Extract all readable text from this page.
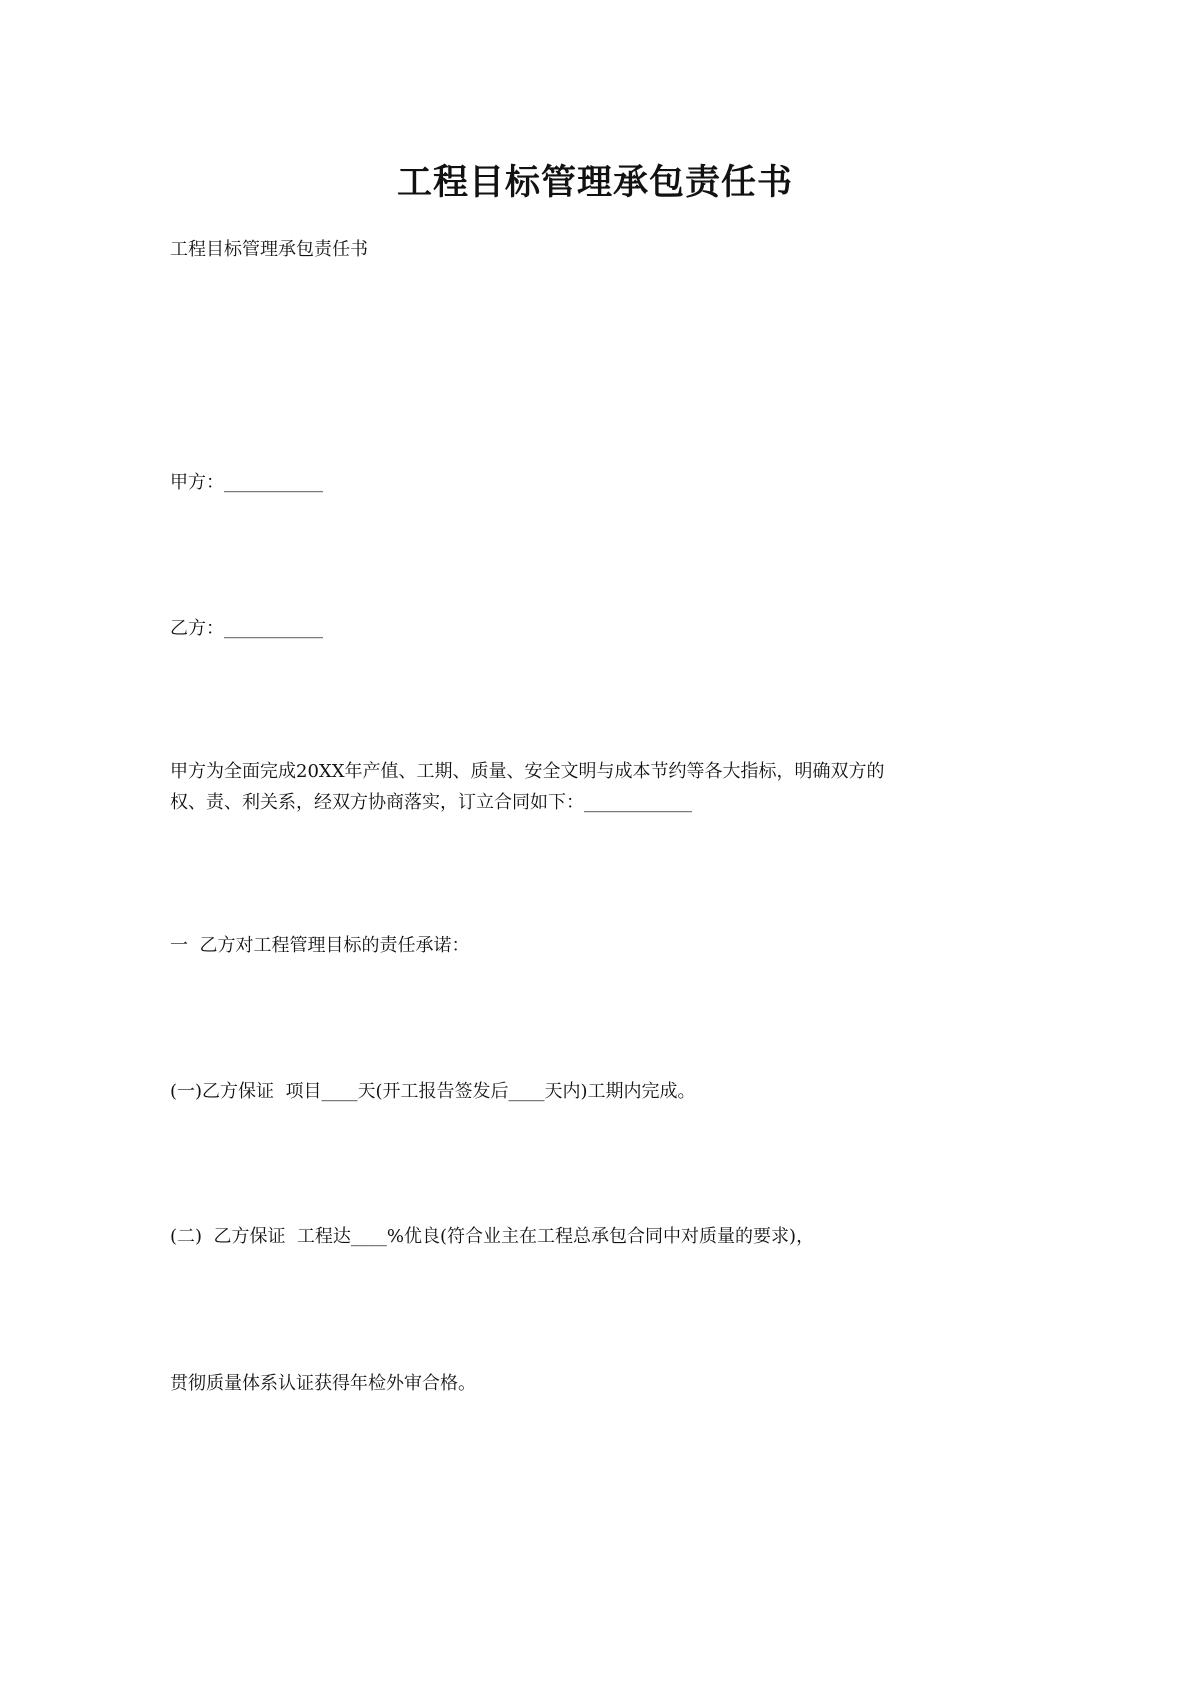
工程目标管理承包责任书
工程目标管理承包责任书
甲方：___________
乙方：___________
甲方为全面完成20XX年产值、工期、质量、安全文明与成本节约等各大指标，明确双方的
权、责、利关系，经双方协商落实，订立合同如下：____________
一  乙方对工程管理目标的责任承诺：
(一)乙方保证  项目____天(开工报告签发后____天内)工期内完成。
(二)  乙方保证  工程达____%优良(符合业主在工程总承包合同中对质量的要求)，
贯彻质量体系认证获得年检外审合格。
